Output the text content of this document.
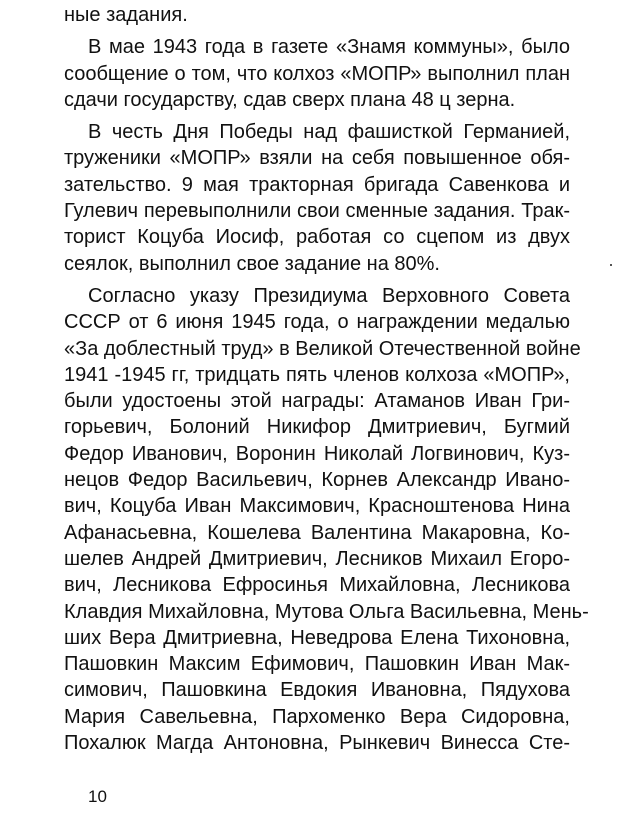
ные задания.
В мае 1943 года в газете «Знамя коммуны», было
сообщение о том, что колхоз «МОПР» выполнил план
сдачи государству, сдав сверх плана 48 ц зерна.
В честь Дня Победы над фашисткой Германией,
труженики «МОПР» взяли на себя повышенное обя-
зательство. 9 мая тракторная бригада Савенкова и
Гулевич перевыполнили свои сменные задания. Трак-
торист Коцуба Иосиф, работая со сцепом из двух
сеялок, выполнил свое задание на 80%.
Согласно указу Президиума Верховного Совета
СССР от 6 июня 1945 года, о награждении медалью
«За доблестный труд» в Великой Отечественной войне
1941 -1945 гг, тридцать пять членов колхоза «МОПР»,
были удостоены этой награды: Атаманов Иван Гри-
горьевич, Болоний Никифор Дмитриевич, Бугмий
Федор Иванович, Воронин Николай Логвинович, Куз-
нецов Федор Васильевич, Корнев Александр Ивано-
вич, Коцуба Иван Максимович, Красноштенова Нина
Афанасьевна, Кошелева Валентина Макаровна, Ко-
шелев Андрей Дмитриевич, Лесников Михаил Егоро-
вич, Лесникова Ефросинья Михайловна, Лесникова
Клавдия Михайловна, Мутова Ольга Васильевна, Мень-
ших Вера Дмитриевна, Неведрова Елена Тихоновна,
Пашовкин Максим Ефимович, Пашовкин Иван Мак-
симович, Пашовкина Евдокия Ивановна, Пядухова
Мария Савельевна, Пархоменко Вера Сидоровна,
Похалюк Магда Антоновна, Рынкевич Винесса Сте-
10
